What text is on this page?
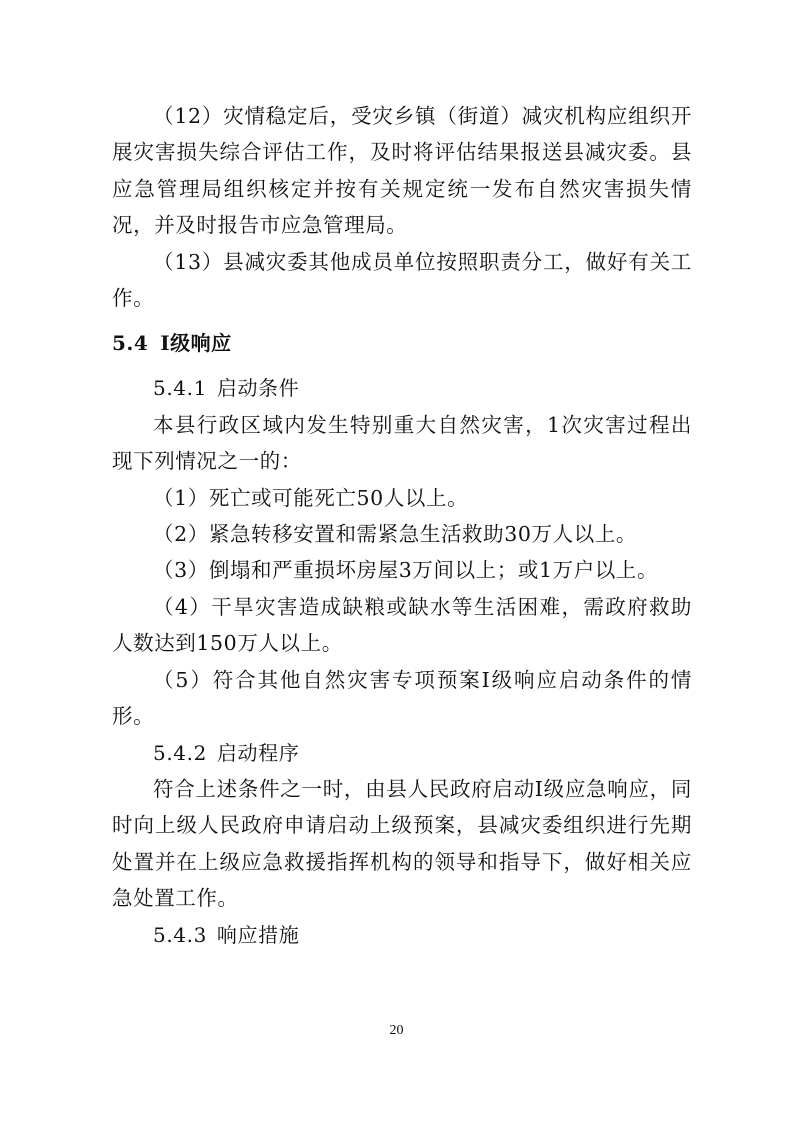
（12）灾情稳定后，受灾乡镇（街道）减灾机构应组织开展灾害损失综合评估工作，及时将评估结果报送县减灾委。县应急管理局组织核定并按有关规定统一发布自然灾害损失情况，并及时报告市应急管理局。

（13）县减灾委其他成员单位按照职责分工，做好有关工作。

5.4 Ⅰ级响应

5.4.1 启动条件

本县行政区域内发生特别重大自然灾害，1次灾害过程出现下列情况之一的：

（1）死亡或可能死亡50人以上。

（2）紧急转移安置和需紧急生活救助30万人以上。

（3）倒塌和严重损坏房屋3万间以上；或1万户以上。

（4）干旱灾害造成缺粮或缺水等生活困难，需政府救助人数达到150万人以上。

（5）符合其他自然灾害专项预案Ⅰ级响应启动条件的情形。

5.4.2 启动程序

符合上述条件之一时，由县人民政府启动Ⅰ级应急响应，同时向上级人民政府申请启动上级预案，县减灾委组织进行先期处置并在上级应急救援指挥机构的领导和指导下，做好相关应急处置工作。

5.4.3 响应措施

20
